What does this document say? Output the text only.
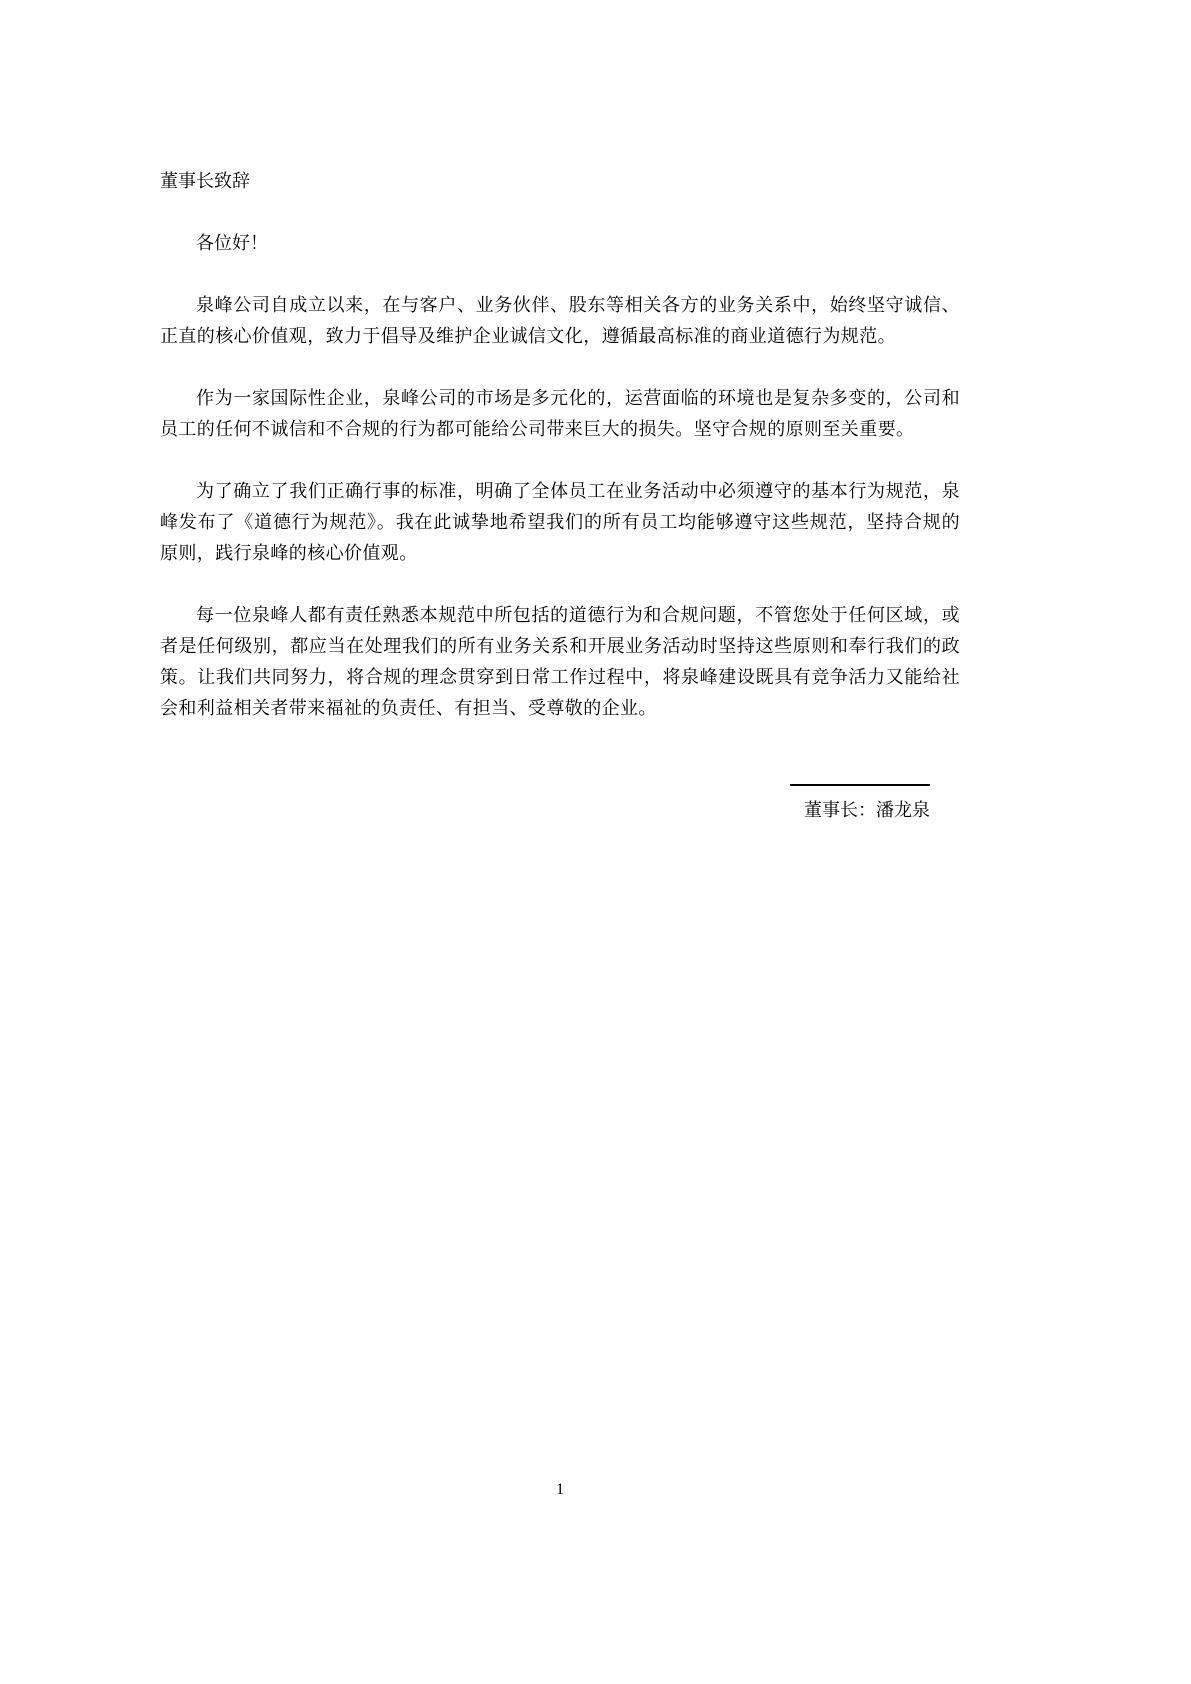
董事长致辞

各位好！

泉峰公司自成立以来，在与客户、业务伙伴、股东等相关各方的业务关系中，始终坚守诚信、正直的核心价值观，致力于倡导及维护企业诚信文化，遵循最高标准的商业道德行为规范。

作为一家国际性企业，泉峰公司的市场是多元化的，运营面临的环境也是复杂多变的，公司和员工的任何不诚信和不合规的行为都可能给公司带来巨大的损失。坚守合规的原则至关重要。

为了确立了我们正确行事的标准，明确了全体员工在业务活动中必须遵守的基本行为规范，泉峰发布了《道德行为规范》。我在此诚挚地希望我们的所有员工均能够遵守这些规范，坚持合规的原则，践行泉峰的核心价值观。

每一位泉峰人都有责任熟悉本规范中所包括的道德行为和合规问题，不管您处于任何区域，或者是任何级别，都应当在处理我们的所有业务关系和开展业务活动时坚持这些原则和奉行我们的政策。让我们共同努力，将合规的理念贯穿到日常工作过程中，将泉峰建设既具有竞争活力又能给社会和利益相关者带来福祉的负责任、有担当、受尊敬的企业。

董事长：潘龙泉
1
